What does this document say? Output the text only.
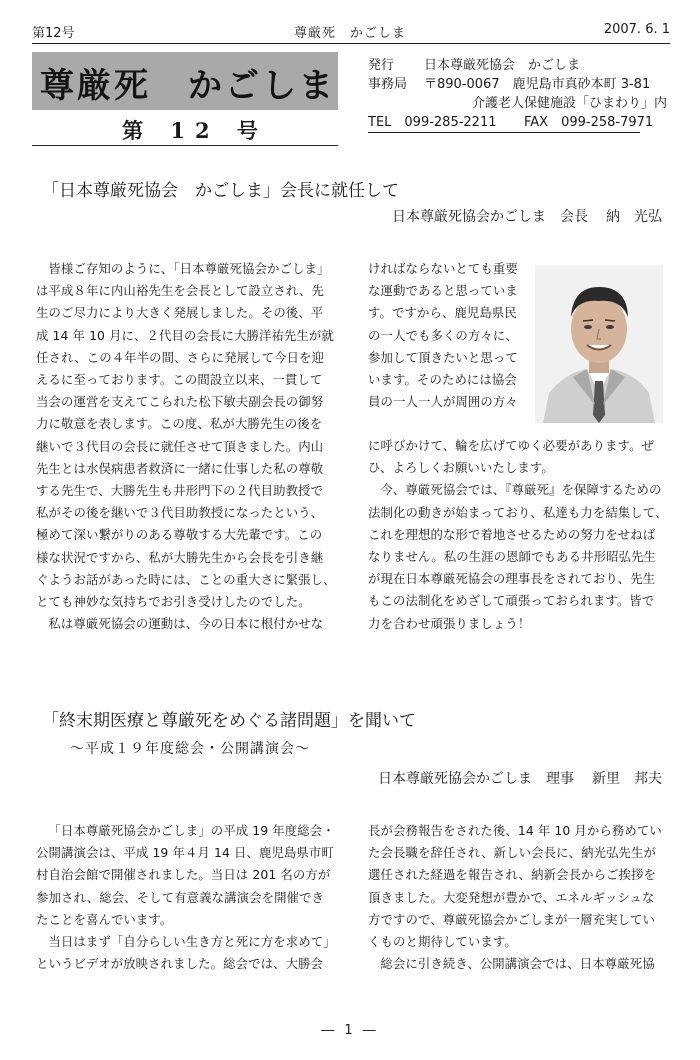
第12号	尊厳死　かごしま	2007. 6. 1
尊厳死　かごしま
第 12 号
発行 日本尊厳死協会　かごしま
事務局 〒890-0067　鹿児島市真砂本町 3-81
介護老人保健施設「ひまわり」内
TEL　099-285-2211 FAX　099-258-7971
「日本尊厳死協会　かごしま」会長に就任して
日本尊厳死協会かごしま　会長 納　光弘

皆様ご存知のように、「日本尊厳死協会かごしま」

は平成８年に内山裕先生を会長として設立され、先

生のご尽力により大きく発展しました。その後、平

成 14 年 10 月に、２代目の会長に大勝洋祐先生が就

任され、この４年半の間、さらに発展して今日を迎

えるに至っております。この間設立以来、一貫して

当会の運営を支えてこられた松下敏夫副会長の御努

力に敬意を表します。この度、私が大勝先生の後を

継いで３代目の会長に就任させて頂きました。内山

先生とは水俣病患者救済に一緒に仕事した私の尊敬

する先生で、大勝先生も井形門下の２代目助教授で

私がその後を継いで３代目助教授になったという、

極めて深い繋がりのある尊敬する大先輩です。この

様な状況ですから、私が大勝先生から会長を引き継

ぐようお話があった時には、ことの重大さに緊張し、

とても神妙な気持ちでお引き受けしたのでした。

私は尊厳死協会の運動は、今の日本に根付かせな

ければならないとても重要

な運動であると思っていま

す。ですから、鹿児島県民

の一人でも多くの方々に、

参加して頂きたいと思って

います。そのためには協会

員の一人一人が周囲の方々

に呼びかけて、輪を広げてゆく必要があります。ぜ

ひ、よろしくお願いいたします。

今、尊厳死協会では、『尊厳死』を保障するための

法制化の動きが始まっており、私達も力を結集して、

これを理想的な形で着地させるための努力をせねば

なりません。私の生涯の恩師でもある井形昭弘先生

が現在日本尊厳死協会の理事長をされており、先生

もこの法制化をめざして頑張っておられます。皆で

力を合わせ頑張りましょう！

「終末期医療と尊厳死をめぐる諸問題」を聞いて
～平成１９年度総会・公開講演会～
日本尊厳死協会かごしま　理事 新里　邦夫

「日本尊厳死協会かごしま」の平成 19 年度総会・

公開講演会は、平成 19 年４月 14 日、鹿児島県市町

村自治会館で開催されました。当日は 201 名の方が

参加され、総会、そして有意義な講演会を開催でき

たことを喜んでいます。

当日はまず「自分らしい生き方と死に方を求めて」

というビデオが放映されました。総会では、大勝会

長が会務報告をされた後、14 年 10 月から務めてい

た会長職を辞任され、新しい会長に、納光弘先生が

選任された経過を報告され、納新会長からご挨拶を

頂きました。大変発想が豊かで、エネルギッシュな

方ですので、尊厳死協会かごしまが一層充実してい

くものと期待しています。

総会に引き続き、公開講演会では、日本尊厳死協

― 1 ―
